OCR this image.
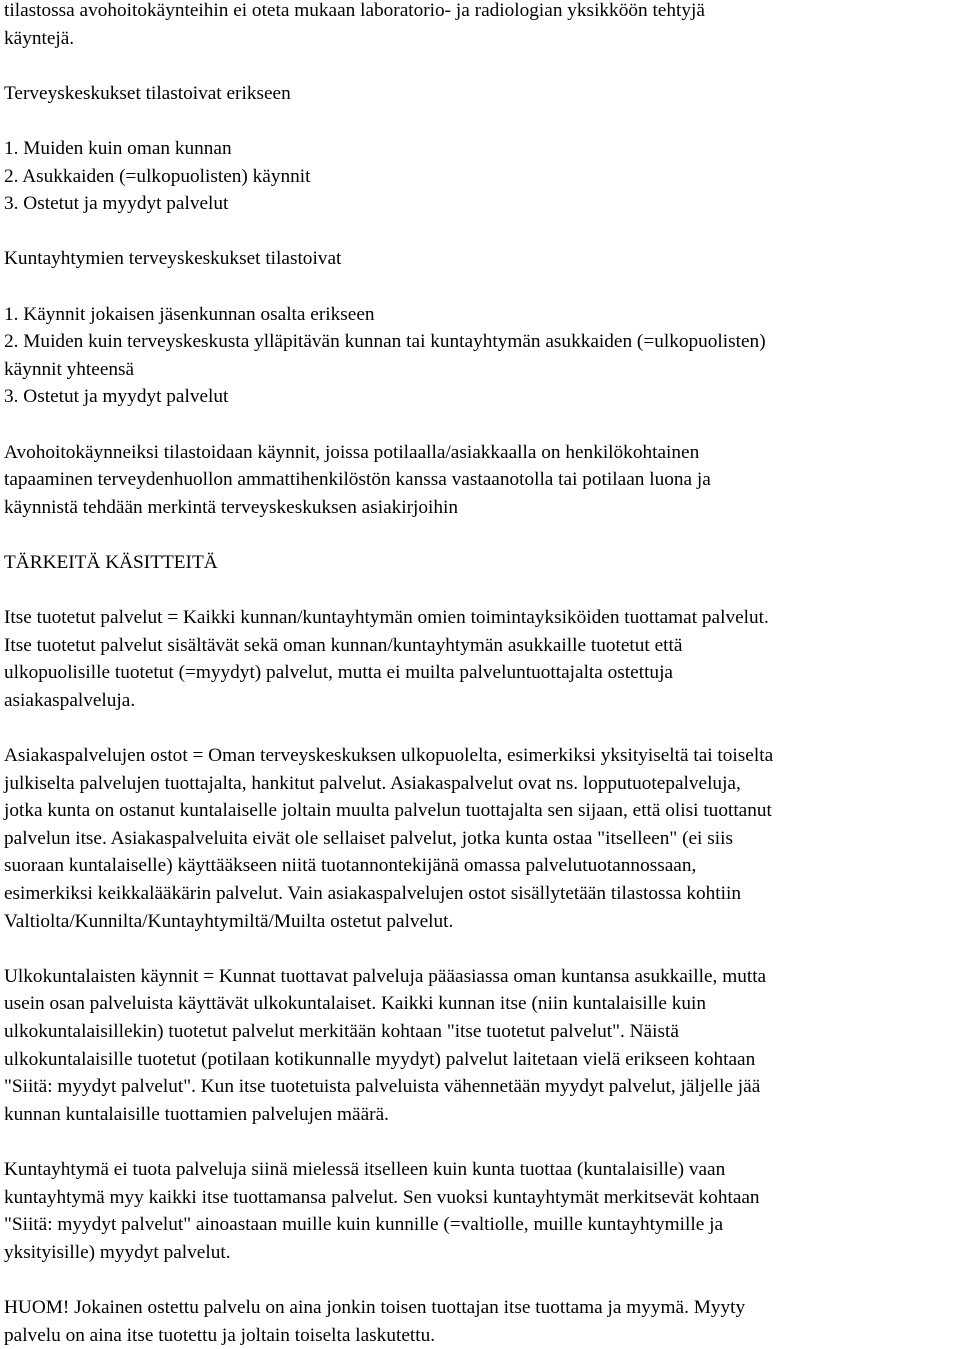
tilastossa avohoitokäynteihin ei oteta mukaan laboratorio- ja radiologian yksikköön tehtyjä
käyntejä.

Terveyskeskukset tilastoivat erikseen

1. Muiden kuin oman kunnan
2. Asukkaiden (=ulkopuolisten) käynnit
3. Ostetut ja myydyt palvelut

Kuntayhtymien terveyskeskukset tilastoivat

1. Käynnit jokaisen jäsenkunnan osalta erikseen
2. Muiden kuin terveyskeskusta ylläpitävän kunnan tai kuntayhtymän asukkaiden (=ulkopuolisten)
käynnit yhteensä
3. Ostetut ja myydyt palvelut

Avohoitokäynneiksi tilastoidaan käynnit, joissa potilaalla/asiakkaalla on henkilökohtainen
tapaaminen terveydenhuollon ammattihenkilöstön kanssa vastaanotolla tai potilaan luona ja
käynnistä tehdään merkintä terveyskeskuksen asiakirjoihin

TÄRKEITÄ KÄSITTEITÄ

Itse tuotetut palvelut = Kaikki kunnan/kuntayhtymän omien toimintayksiköiden tuottamat palvelut.
Itse tuotetut palvelut sisältävät sekä oman kunnan/kuntayhtymän asukkaille tuotetut että
ulkopuolisille tuotetut (=myydyt) palvelut, mutta ei muilta palveluntuottajalta ostettuja
asiakaspalveluja.

Asiakaspalvelujen ostot = Oman terveyskeskuksen ulkopuolelta, esimerkiksi yksityiseltä tai toiselta
julkiselta palvelujen tuottajalta, hankitut palvelut. Asiakaspalvelut ovat ns. lopputuotepalveluja,
jotka kunta on ostanut kuntalaiselle joltain muulta palvelun tuottajalta sen sijaan, että olisi tuottanut
palvelun itse. Asiakaspalveluita eivät ole sellaiset palvelut, jotka kunta ostaa "itselleen" (ei siis
suoraan kuntalaiselle) käyttääkseen niitä tuotannontekijänä omassa palvelutuotannossaan,
esimerkiksi keikkalääkärin palvelut. Vain asiakaspalvelujen ostot sisällytetään tilastossa kohtiin
Valtiolta/Kunnilta/Kuntayhtymiltä/Muilta ostetut palvelut.

Ulkokuntalaisten käynnit = Kunnat tuottavat palveluja pääasiassa oman kuntansa asukkaille, mutta
usein osan palveluista käyttävät ulkokuntalaiset. Kaikki kunnan itse (niin kuntalaisille kuin
ulkokuntalaisillekin) tuotetut palvelut merkitään kohtaan "itse tuotetut palvelut". Näistä
ulkokuntalaisille tuotetut (potilaan kotikunnalle myydyt) palvelut laitetaan vielä erikseen kohtaan
"Siitä: myydyt palvelut". Kun itse tuotetuista palveluista vähennetään myydyt palvelut, jäljelle jää
kunnan kuntalaisille tuottamien palvelujen määrä.

Kuntayhtymä ei tuota palveluja siinä mielessä itselleen kuin kunta tuottaa (kuntalaisille) vaan
kuntayhtymä myy kaikki itse tuottamansa palvelut. Sen vuoksi kuntayhtymät merkitsevät kohtaan
"Siitä: myydyt palvelut" ainoastaan muille kuin kunnille (=valtiolle, muille kuntayhtymille ja
yksityisille) myydyt palvelut.

HUOM! Jokainen ostettu palvelu on aina jonkin toisen tuottajan itse tuottama ja myymä. Myyty
palvelu on aina itse tuotettu ja joltain toiselta laskutettu.
